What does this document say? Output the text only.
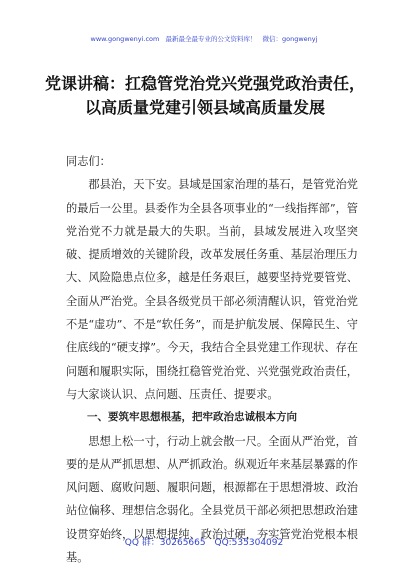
www.gongwenyi.com 最新最全最专业的公文资料库！ 微信：gongwenyj
党课讲稿：扛稳管党治党兴党强党政治责任，以高质量党建引领县域高质量发展

同志们：

郡县治，天下安。县域是国家治理的基石，是管党治党的最后一公里。县委作为全县各项事业的“一线指挥部”，管党治党不力就是最大的失职。当前，县域发展进入攻坚突破、提质增效的关键阶段，改革发展任务重、基层治理压力大、风险隐患点位多，越是任务艰巨，越要坚持党要管党、全面从严治党。全县各级党员干部必须清醒认识，管党治党不是“虚功”、不是“软任务”，而是护航发展、保障民生、守住底线的“硬支撑”。今天，我结合全县党建工作现状、存在问题和履职实际，围绕扛稳管党治党、兴党强党政治责任，与大家谈认识、点问题、压责任、提要求。

一、要筑牢思想根基，把牢政治忠诚根本方向

思想上松一寸，行动上就会散一尺。全面从严治党，首要的是从严抓思想、从严抓政治。纵观近年来基层暴露的作风问题、腐败问题、履职问题，根源都在于思想滑坡、政治站位偏移、理想信念弱化。全县党员干部必须把思想政治建设贯穿始终，以思想提纯、政治过硬，夯实管党治党根本根基。

QQ 群：30265665 QQ:535304092
